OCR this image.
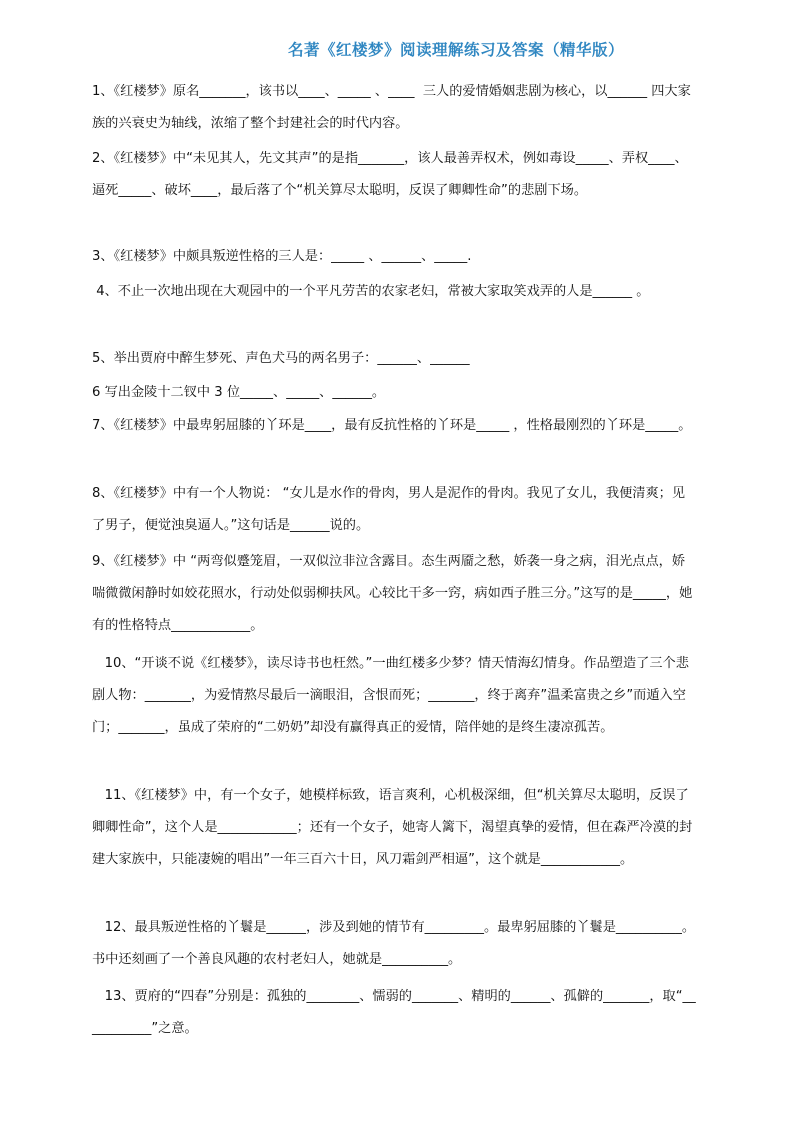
名著《红楼梦》阅读理解练习及答案（精华版）
1、《红楼梦》原名_______，该书以____、_____ 、____  三人的爱情婚姻悲剧为核心，以______ 四大家族的兴衰史为轴线，浓缩了整个封建社会的时代内容。
2、《红楼梦》中“未见其人，先文其声”的是指_______，该人最善弄权术，例如毒设_____、弄权____、逼死_____、破坏____，最后落了个“机关算尽太聪明，反误了卿卿性命”的悲剧下场。
3、《红楼梦》中颇具叛逆性格的三人是：_____ 、______、_____.
4、不止一次地出现在大观园中的一个平凡劳苦的农家老妇，常被大家取笑戏弄的人是______ 。
5、举出贾府中醉生梦死、声色犬马的两名男子：______、______
6 写出金陵十二钗中 3 位_____、_____、______。
7、《红楼梦》中最卑躬屈膝的丫环是____，最有反抗性格的丫环是_____ ，性格最刚烈的丫环是_____。
8、《红楼梦》中有一个人物说： “女儿是水作的骨肉，男人是泥作的骨肉。我见了女儿，我便清爽；见了男子，便觉浊臭逼人。”这句话是______说的。
9、《红楼梦》中 “两弯似蹙笼眉，一双似泣非泣含露目。态生两靥之愁，娇袭一身之病，泪光点点，娇喘微微闲静时如姣花照水，行动处似弱柳扶风。心较比干多一窍，病如西子胜三分。”这写的是_____，她有的性格特点____________。
10、“开谈不说《红楼梦》，读尽诗书也枉然。”一曲红楼多少梦？情天情海幻情身。作品塑造了三个悲剧人物：_______，为爱情熬尽最后一滴眼泪，含恨而死；_______，终于离弃”温柔富贵之乡”而遁入空门；_______，虽成了荣府的“二奶奶”却没有赢得真正的爱情，陪伴她的是终生凄凉孤苦。
11、《红楼梦》中，有一个女子，她模样标致，语言爽利，心机极深细，但“机关算尽太聪明，反误了卿卿性命”，这个人是____________；还有一个女子，她寄人篱下，渴望真挚的爱情，但在森严冷漠的封建大家族中，只能凄婉的唱出”一年三百六十日，风刀霜剑严相逼”，这个就是____________。
12、最具叛逆性格的丫鬟是______，涉及到她的情节有_________。最卑躬屈膝的丫鬟是__________。书中还刻画了一个善良风趣的农村老妇人，她就是__________。
13、贾府的“四春”分别是：孤独的________、懦弱的_______、精明的______、孤僻的_______，取“___________”之意。
